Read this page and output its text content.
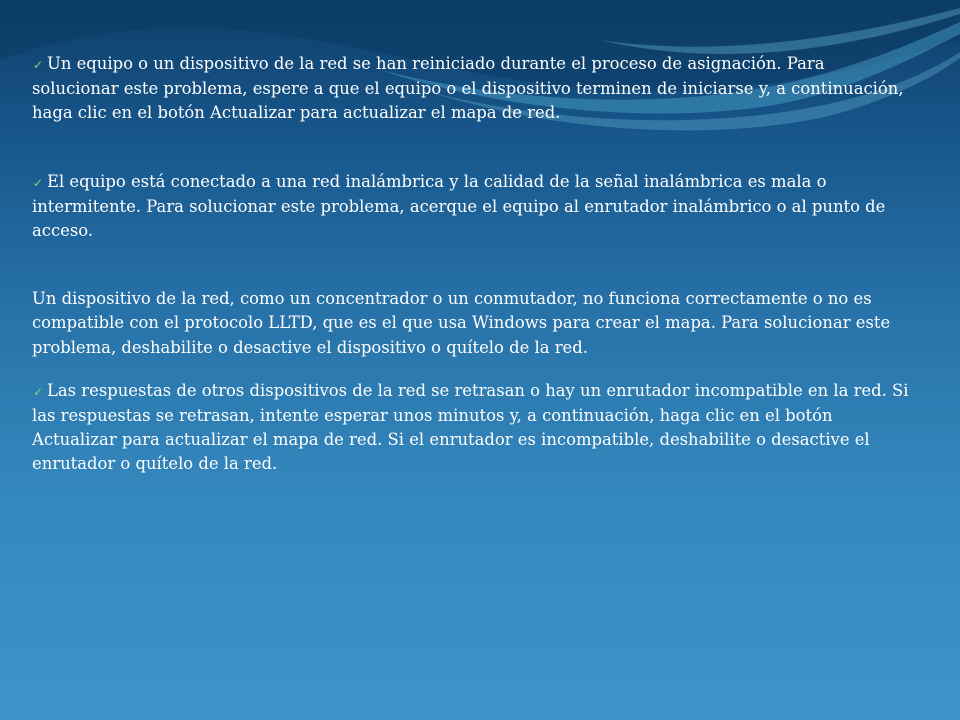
✓ Un equipo o un dispositivo de la red se han reiniciado durante el proceso de asignación. Para solucionar este problema, espere a que el equipo o el dispositivo terminen de iniciarse y, a continuación, haga clic en el botón Actualizar para actualizar el mapa de red.

✓ El equipo está conectado a una red inalámbrica y la calidad de la señal inalámbrica es mala o intermitente. Para solucionar este problema, acerque el equipo al enrutador inalámbrico o al punto de acceso.

Un dispositivo de la red, como un concentrador o un conmutador, no funciona correctamente o no es compatible con el protocolo LLTD, que es el que usa Windows para crear el mapa. Para solucionar este problema, deshabilite o desactive el dispositivo o quítelo de la red.

✓ Las respuestas de otros dispositivos de la red se retrasan o hay un enrutador incompatible en la red. Si las respuestas se retrasan, intente esperar unos minutos y, a continuación, haga clic en el botón Actualizar para actualizar el mapa de red. Si el enrutador es incompatible, deshabilite o desactive el enrutador o quítelo de la red.
